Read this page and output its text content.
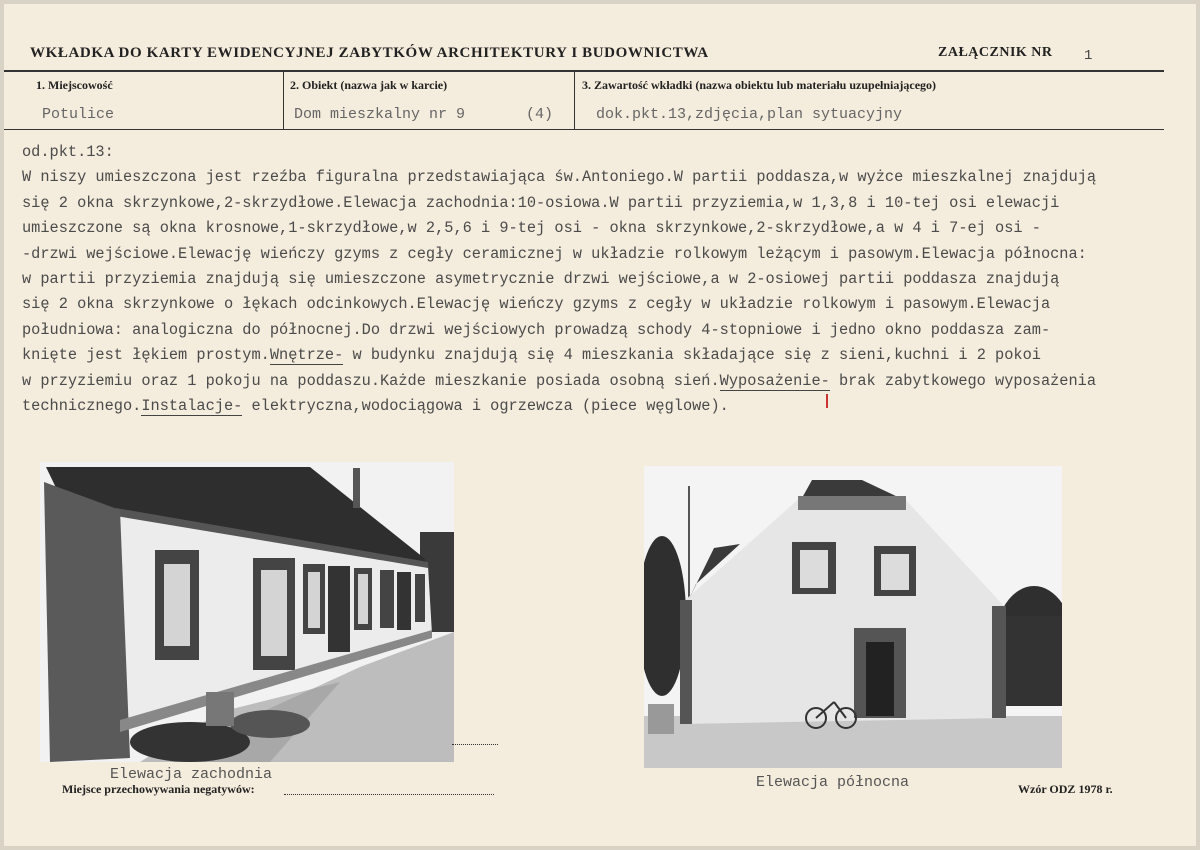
WKŁADKA DO KARTY EWIDENCYJNEJ ZABYTKÓW ARCHITEKTURY I BUDOWNICTWA	ZAŁĄCZNIK NR 1
1. Miejscowość
Potulice
2. Obiekt (nazwa jak w karcie)
Dom mieszkalny nr 9	(4)
3. Zawartość wkładki (nazwa obiektu lub materiału uzupełniającego)
dok.pkt.13,zdjęcia,plan sytuacyjny
od.pkt.13:
W niszy umieszczona jest rzeźba figuralna przedstawiająca św.Antoniego.W partii poddasza,w wyżce mieszkalnej znajdują
się 2 okna skrzynkowe,2-skrzydłowe.Elewacja zachodnia:10-osiowa.W partii przyziemia,w 1,3,8 i 10-tej osi elewacji
umieszczone są okna krosnowe,1-skrzydłowe,w 2,5,6 i 9-tej osi - okna skrzynkowe,2-skrzydłowe,a w 4 i 7-ej osi -
-drzwi wejściowe.Elewację wieńczy gzyms z cegły ceramicznej w układzie rolkowym leżącym i pasowym.Elewacja północna:
w partii przyziemia znajdują się umieszczone asymetrycznie drzwi wejściowe,a w 2-osiowej partii poddasza znajdują
się 2 okna skrzynkowe o łękach odcinkowych.Elewację wieńczy gzyms z cegły w układzie rolkowym i pasowym.Elewacja
południowa: analogiczna do północnej.Do drzwi wejściowych prowadzą schody 4-stopniowe i jedno okno poddasza zam-
knięte jest łękiem prostym.Wnętrze- w budynku znajdują się 4 mieszkania składające się z sieni,kuchni i 2 pokoi
w przyziemiu oraz 1 pokoju na poddaszu.Każde mieszkanie posiada osobną sień.Wyposażenie- brak zabytkowego wyposażenia
technicznego.Instalacje- elektryczna,wodociągowa i ogrzewcza (piece węglowe).
Elewacja zachodnia	Elewacja północna
Miejsce przechowywania negatywów:	Wzór ODZ 1978 r.
